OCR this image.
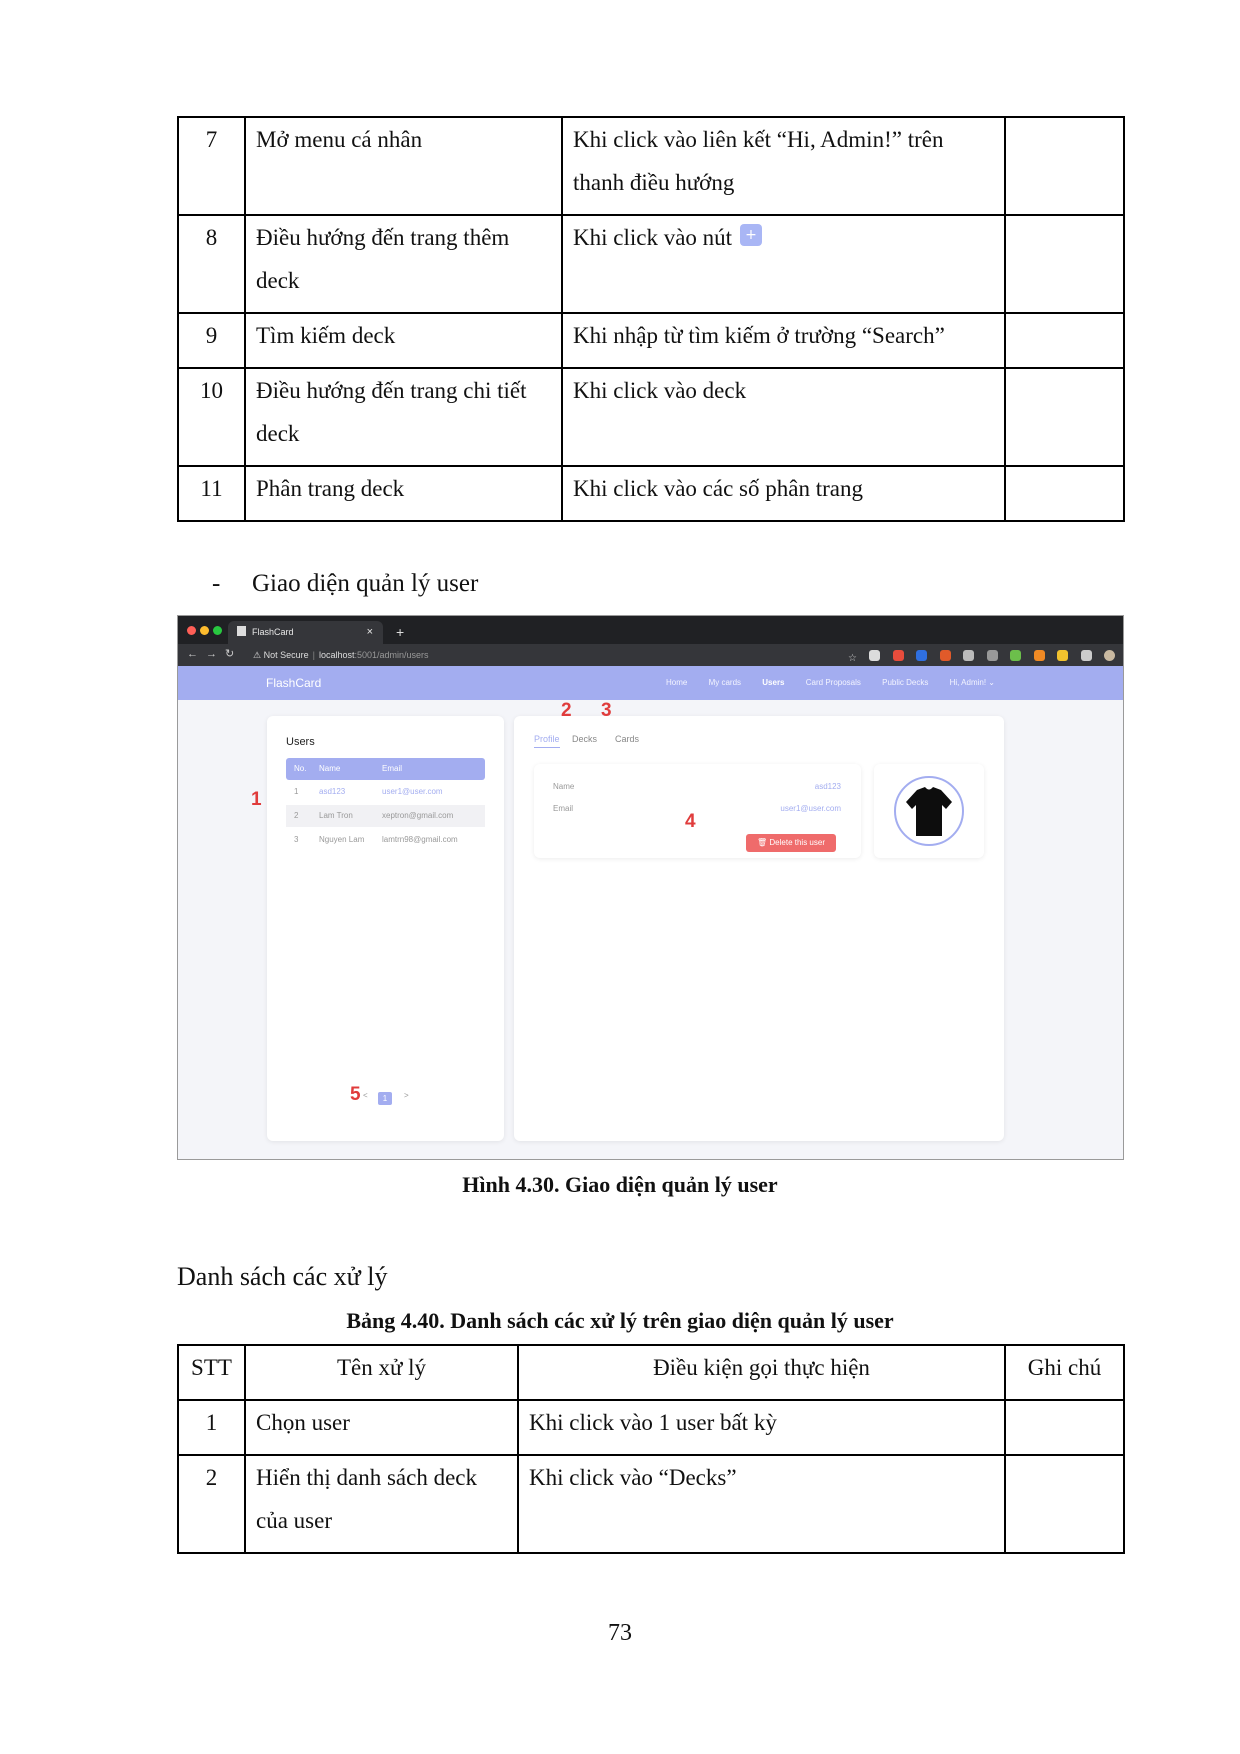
7	Mở menu cá nhân	Khi click vào liên kết “Hi, Admin!” trên thanh điều hướng	
8	Điều hướng đến trang thêm deck	Khi click vào nút +	
9	Tìm kiếm deck	Khi nhập từ tìm kiếm ở trường “Search”	
10	Điều hướng đến trang chi tiết deck	Khi click vào deck	
11	Phân trang deck	Khi click vào các số phân trang	
- Giao diện quản lý user
FlashCard	× +
←→↻ ⚠ Not Secure | localhost:5001/admin/users	☆
FlashCard	Home	My cards	Users	Card Proposals	Public Decks	Hi, Admin! ⌄
Users
No. Name	Email
1	asd123	user1@user.com
2	Lam Tron	xeptron@gmail.com
3	Nguyen Lam lamtrn98@gmail.com
<	1	>
Profile Decks Cards
Name	asd123
Email	user1@user.com
🗑 Delete this user
1
2 3
4
5
Hình 4.30. Giao diện quản lý user
Danh sách các xử lý
Bảng 4.40. Danh sách các xử lý trên giao diện quản lý user
STT	Tên xử lý	Điều kiện gọi thực hiện	Ghi chú
1	Chọn user	Khi click vào 1 user bất kỳ	
2	Hiển thị danh sách deck của user	Khi click vào “Decks”	
73
